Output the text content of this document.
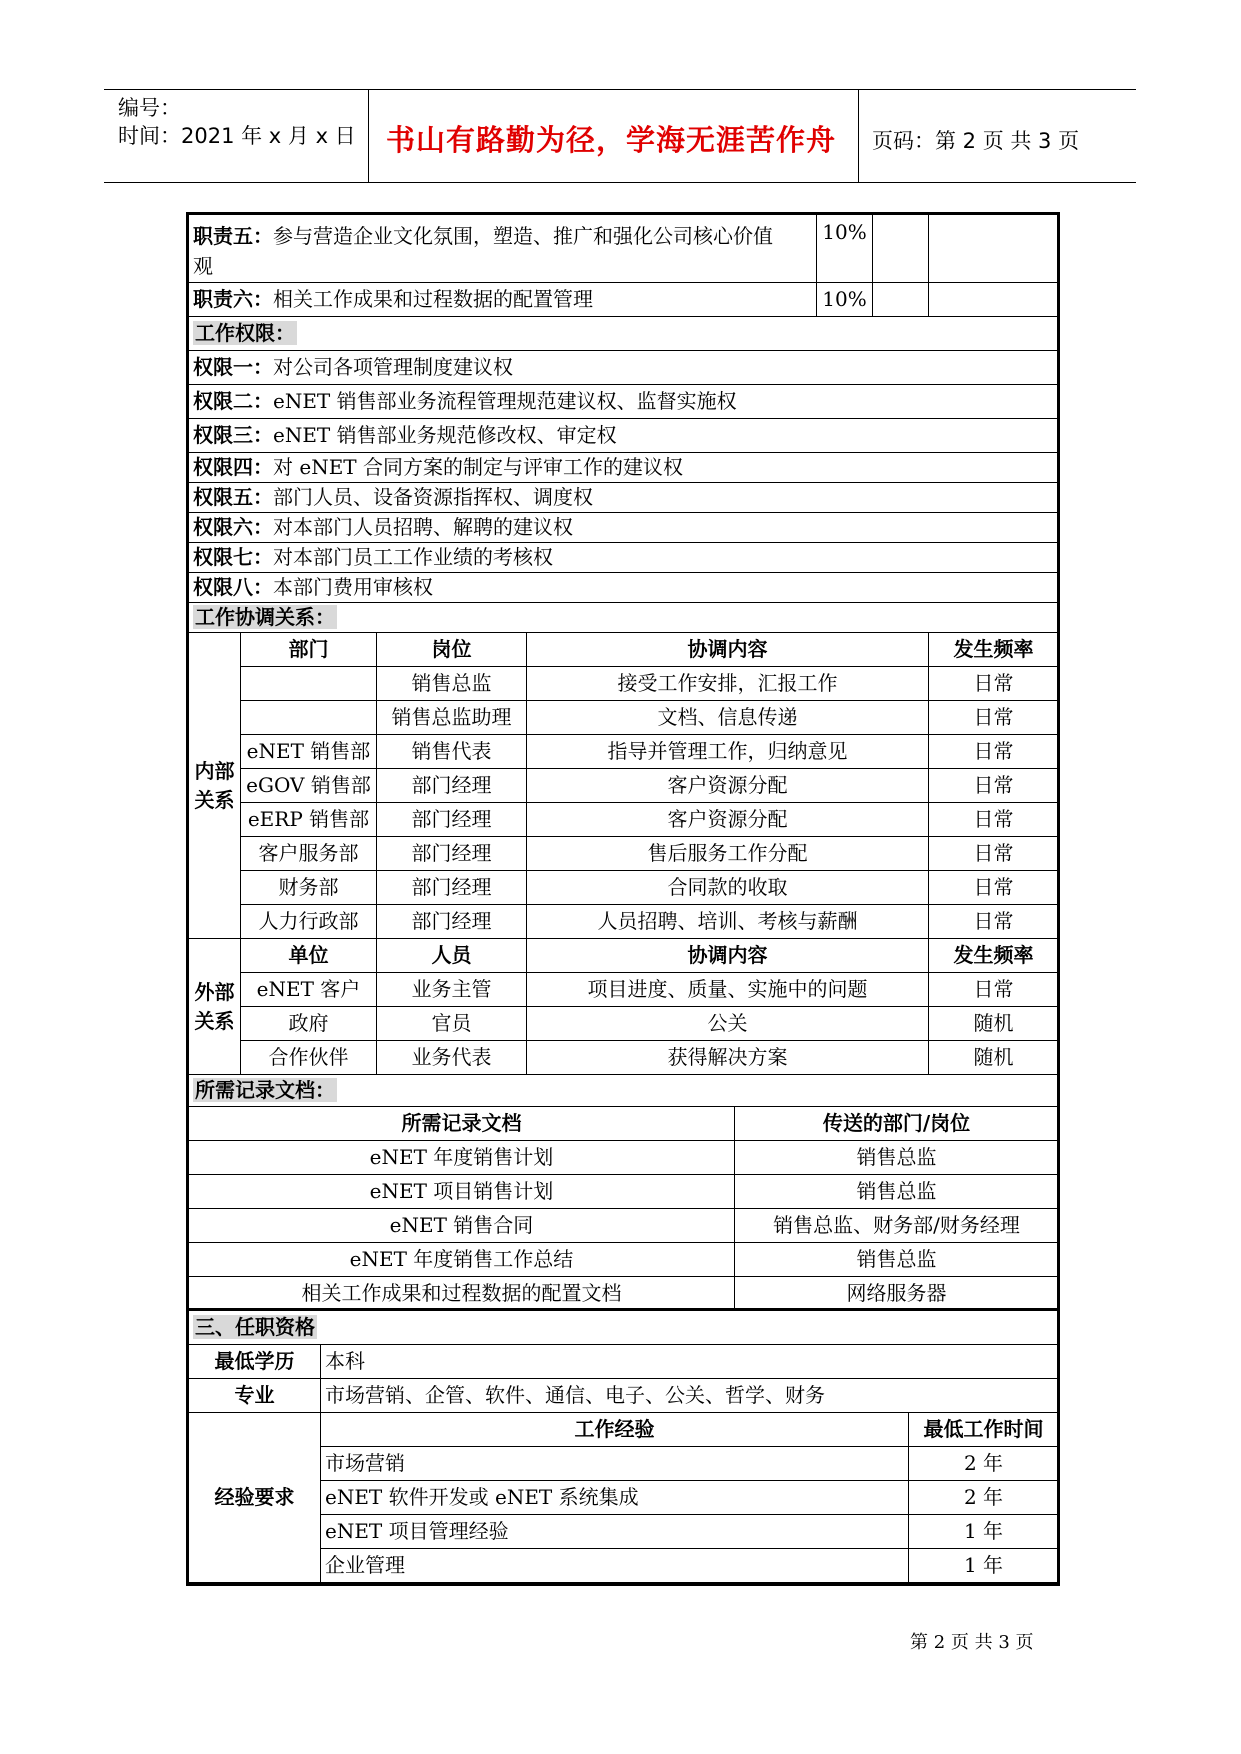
编号：
时间：2021 年 x 月 x 日	书山有路勤为径，学海无涯苦作舟	页码：第 2 页 共 3 页
职责五：参与营造企业文化氛围，塑造、推广和强化公司核心价值
观				10%		
职责六：相关工作成果和过程数据的配置管理				10%		
工作权限：						
权限一：对公司各项管理制度建议权						
权限二：eNET 销售部业务流程管理规范建议权、监督实施权						
权限三：eNET 销售部业务规范修改权、审定权						
权限四：对 eNET 合同方案的制定与评审工作的建议权						
权限五：部门人员、设备资源指挥权、调度权						
权限六：对本部门人员招聘、解聘的建议权						
权限七：对本部门员工工作业绩的考核权						
权限八：本部门费用审核权						
工作协调关系：						
内部
关系	部门	岗位	协调内容			发生频率
		销售总监	接受工作安排，汇报工作			日常
		销售总监助理	文档、信息传递			日常
	eNET 销售部	销售代表	指导并管理工作，归纳意见			日常
	eGOV 销售部	部门经理	客户资源分配			日常
	eERP 销售部	部门经理	客户资源分配			日常
	客户服务部	部门经理	售后服务工作分配			日常
	财务部	部门经理	合同款的收取			日常
	人力行政部	部门经理	人员招聘、培训、考核与薪酬			日常
外部
关系	单位	人员	协调内容			发生频率
	eNET 客户	业务主管	项目进度、质量、实施中的问题			日常
	政府	官员	公关			随机
	合作伙伴	业务代表	获得解决方案			随机
所需记录文档：						
所需记录文档	传送的部门/岗位
eNET 年度销售计划	销售总监
eNET 项目销售计划	销售总监
eNET 销售合同	销售总监、财务部/财务经理
eNET 年度销售工作总结	销售总监
相关工作成果和过程数据的配置文档	网络服务器
三、任职资格		
最低学历	本科	
专业	市场营销、企管、软件、通信、电子、公关、哲学、财务	
经验要求	工作经验	最低工作时间
	市场营销	2 年
	eNET 软件开发或 eNET 系统集成	2 年
	eNET 项目管理经验	1 年
	企业管理	1 年
第 2 页 共 3 页
